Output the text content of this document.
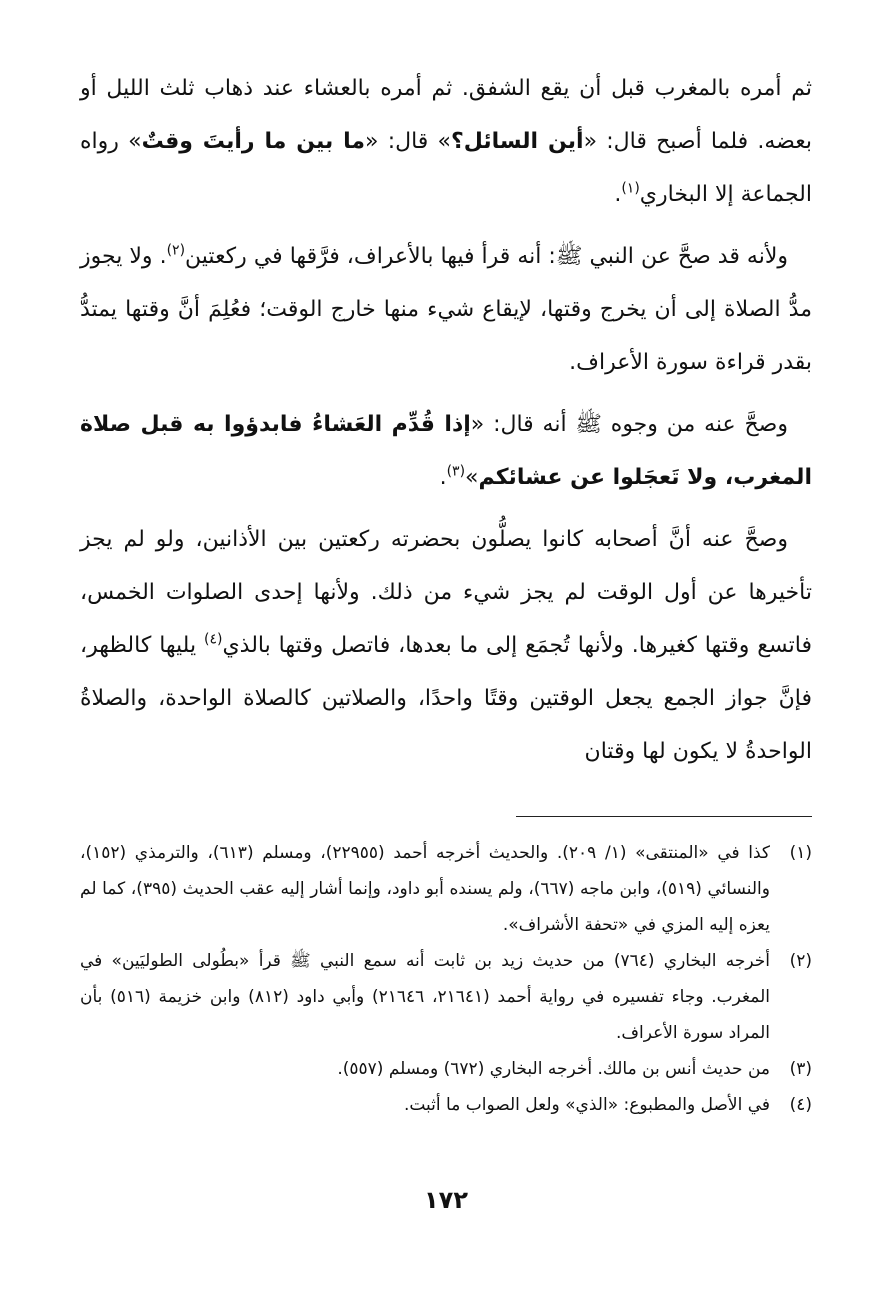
ثم أمره بالمغرب قبل أن يقع الشفق. ثم أمره بالعشاء عند ذهاب ثلث الليل أو بعضه. فلما أصبح قال: «أين السائل؟» قال: «ما بين ما رأيتَ وقتٌ» رواه الجماعة إلا البخاري$^{(١)}$.

ولأنه قد صحَّ عن النبي ﷺ: أنه قرأ فيها بالأعراف، فرَّقها في ركعتين$^{(٢)}$. ولا يجوز مدُّ الصلاة إلى أن يخرج وقتها، لإيقاع شيء منها خارج الوقت؛ فعُلِمَ أنَّ وقتها يمتدُّ بقدر قراءة سورة الأعراف.

وصحَّ عنه من وجوه ﷺ أنه قال: «إذا قُدِّم العَشاءُ فابدؤوا به قبل صلاة المغرب، ولا تَعجَلوا عن عشائكم»$^{(٣)}$.

وصحَّ عنه أنَّ أصحابه كانوا يصلُّون بحضرته ركعتين بين الأذانين، ولو لم يجز تأخيرها عن أول الوقت لم يجز شيء من ذلك. ولأنها إحدى الصلوات الخمس، فاتسع وقتها كغيرها. ولأنها تُجمَع إلى ما بعدها، فاتصل وقتها بالذي$^{(٤)}$ يليها كالظهر، فإنَّ جواز الجمع يجعل الوقتين وقتًا واحدًا، والصلاتين كالصلاة الواحدة، والصلاةُ الواحدةُ لا يكون لها وقتان

(١)
كذا في «المنتقى» (١/ ٢٠٩). والحديث أخرجه أحمد (٢٢٩٥٥)، ومسلم (٦١٣)، والترمذي (١٥٢)، والنسائي (٥١٩)، وابن ماجه (٦٦٧)، ولم يسنده أبو داود، وإنما أشار إليه عقب الحديث (٣٩٥)، كما لم يعزه إليه المزي في «تحفة الأشراف».

(٢)
أخرجه البخاري (٧٦٤) من حديث زيد بن ثابت أنه سمع النبي ﷺ قرأ «بطُولى الطوليَين» في المغرب. وجاء تفسيره في رواية أحمد (٢١٦٤١، ٢١٦٤٦) وأبي داود (٨١٢) وابن خزيمة (٥١٦) بأن المراد سورة الأعراف.

(٣)
من حديث أنس بن مالك. أخرجه البخاري (٦٧٢) ومسلم (٥٥٧).

(٤)
في الأصل والمطبوع: «الذي» ولعل الصواب ما أثبت.

١٧٢
